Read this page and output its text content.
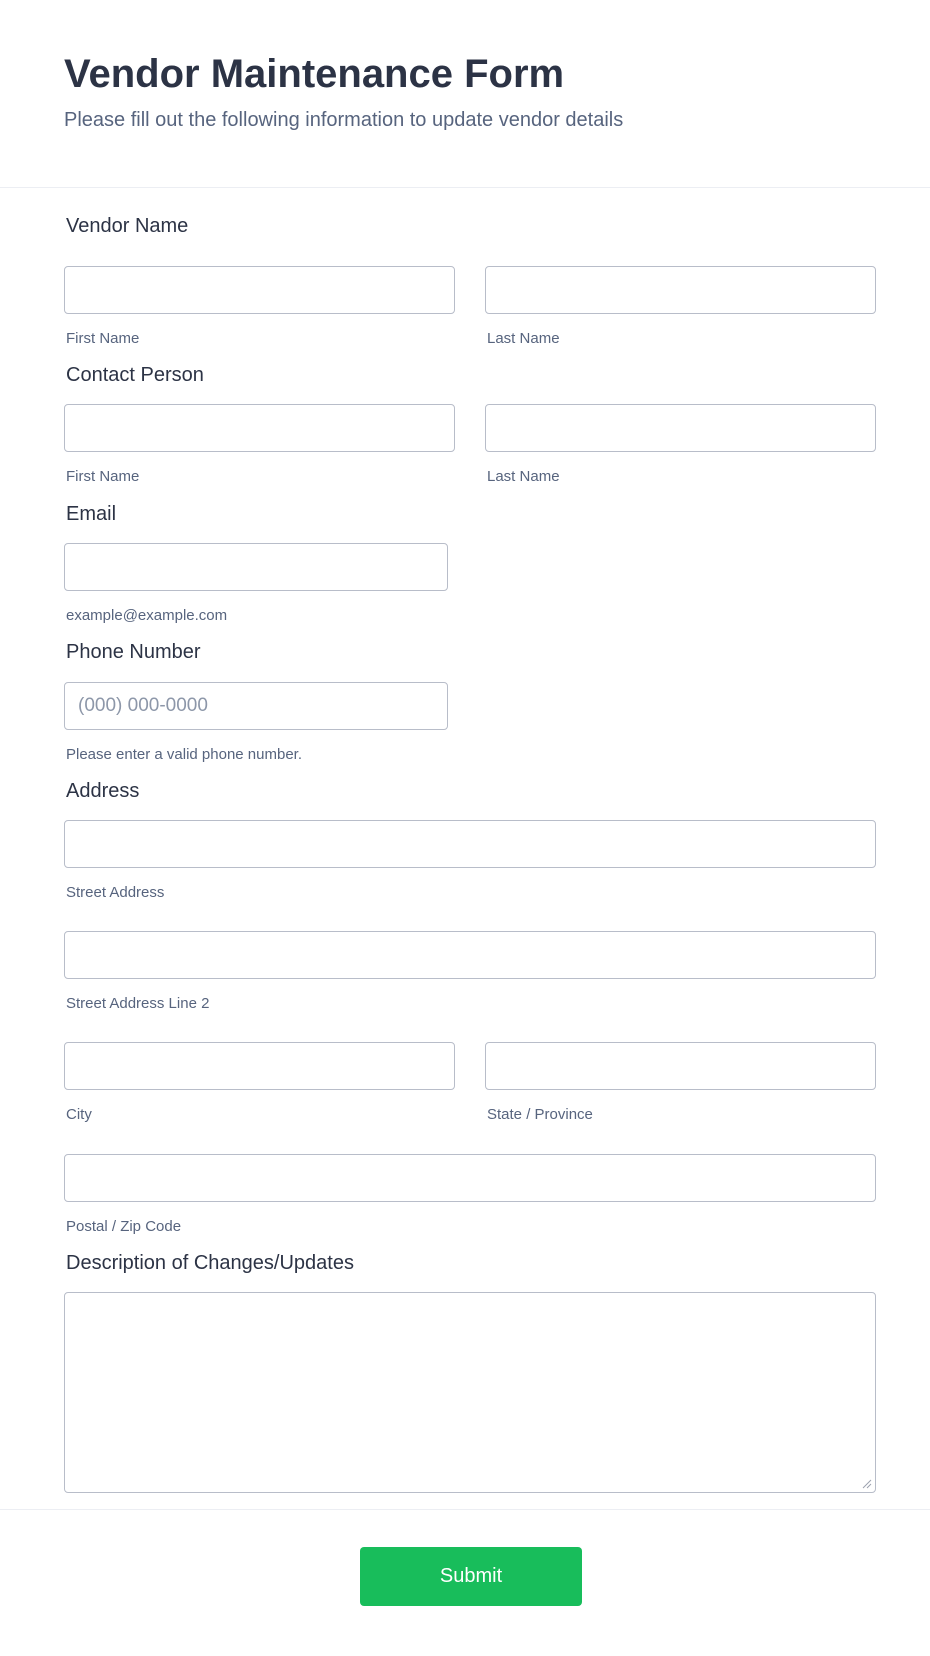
Vendor Maintenance Form
Please fill out the following information to update vendor details
Vendor Name
First Name	Last Name
Contact Person
First Name	Last Name
Email
example@example.com
Phone Number
(000) 000-0000
Please enter a valid phone number.
Address
Street Address
Street Address Line 2
City	State / Province
Postal / Zip Code
Description of Changes/Updates
Submit
